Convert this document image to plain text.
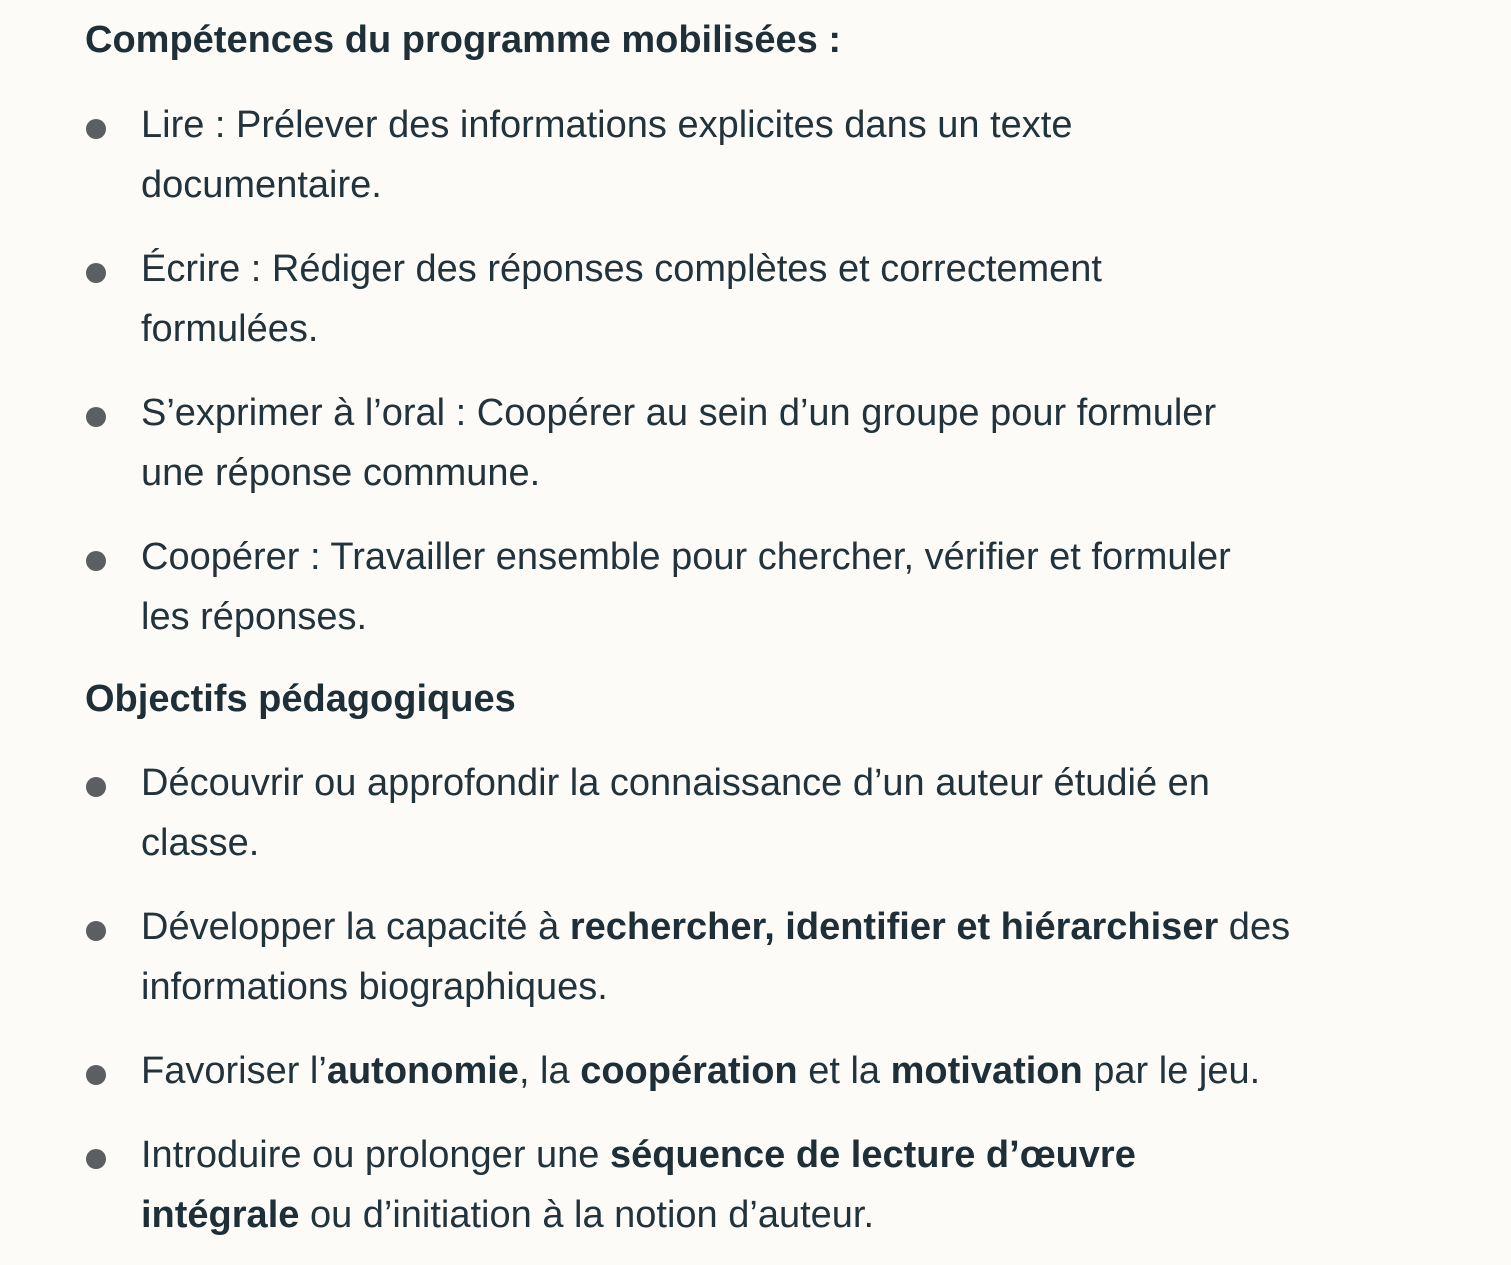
Compétences du programme mobilisées :
Lire : Prélever des informations explicites dans un texte
documentaire.
Écrire : Rédiger des réponses complètes et correctement
formulées.
S’exprimer à l’oral : Coopérer au sein d’un groupe pour formuler
une réponse commune.
Coopérer : Travailler ensemble pour chercher, vérifier et formuler
les réponses.
Objectifs pédagogiques
Découvrir ou approfondir la connaissance d’un auteur étudié en
classe.
Développer la capacité à rechercher, identifier et hiérarchiser des
informations biographiques.
Favoriser l’autonomie, la coopération et la motivation par le jeu.
Introduire ou prolonger une séquence de lecture d’œuvre
intégrale ou d’initiation à la notion d’auteur.
